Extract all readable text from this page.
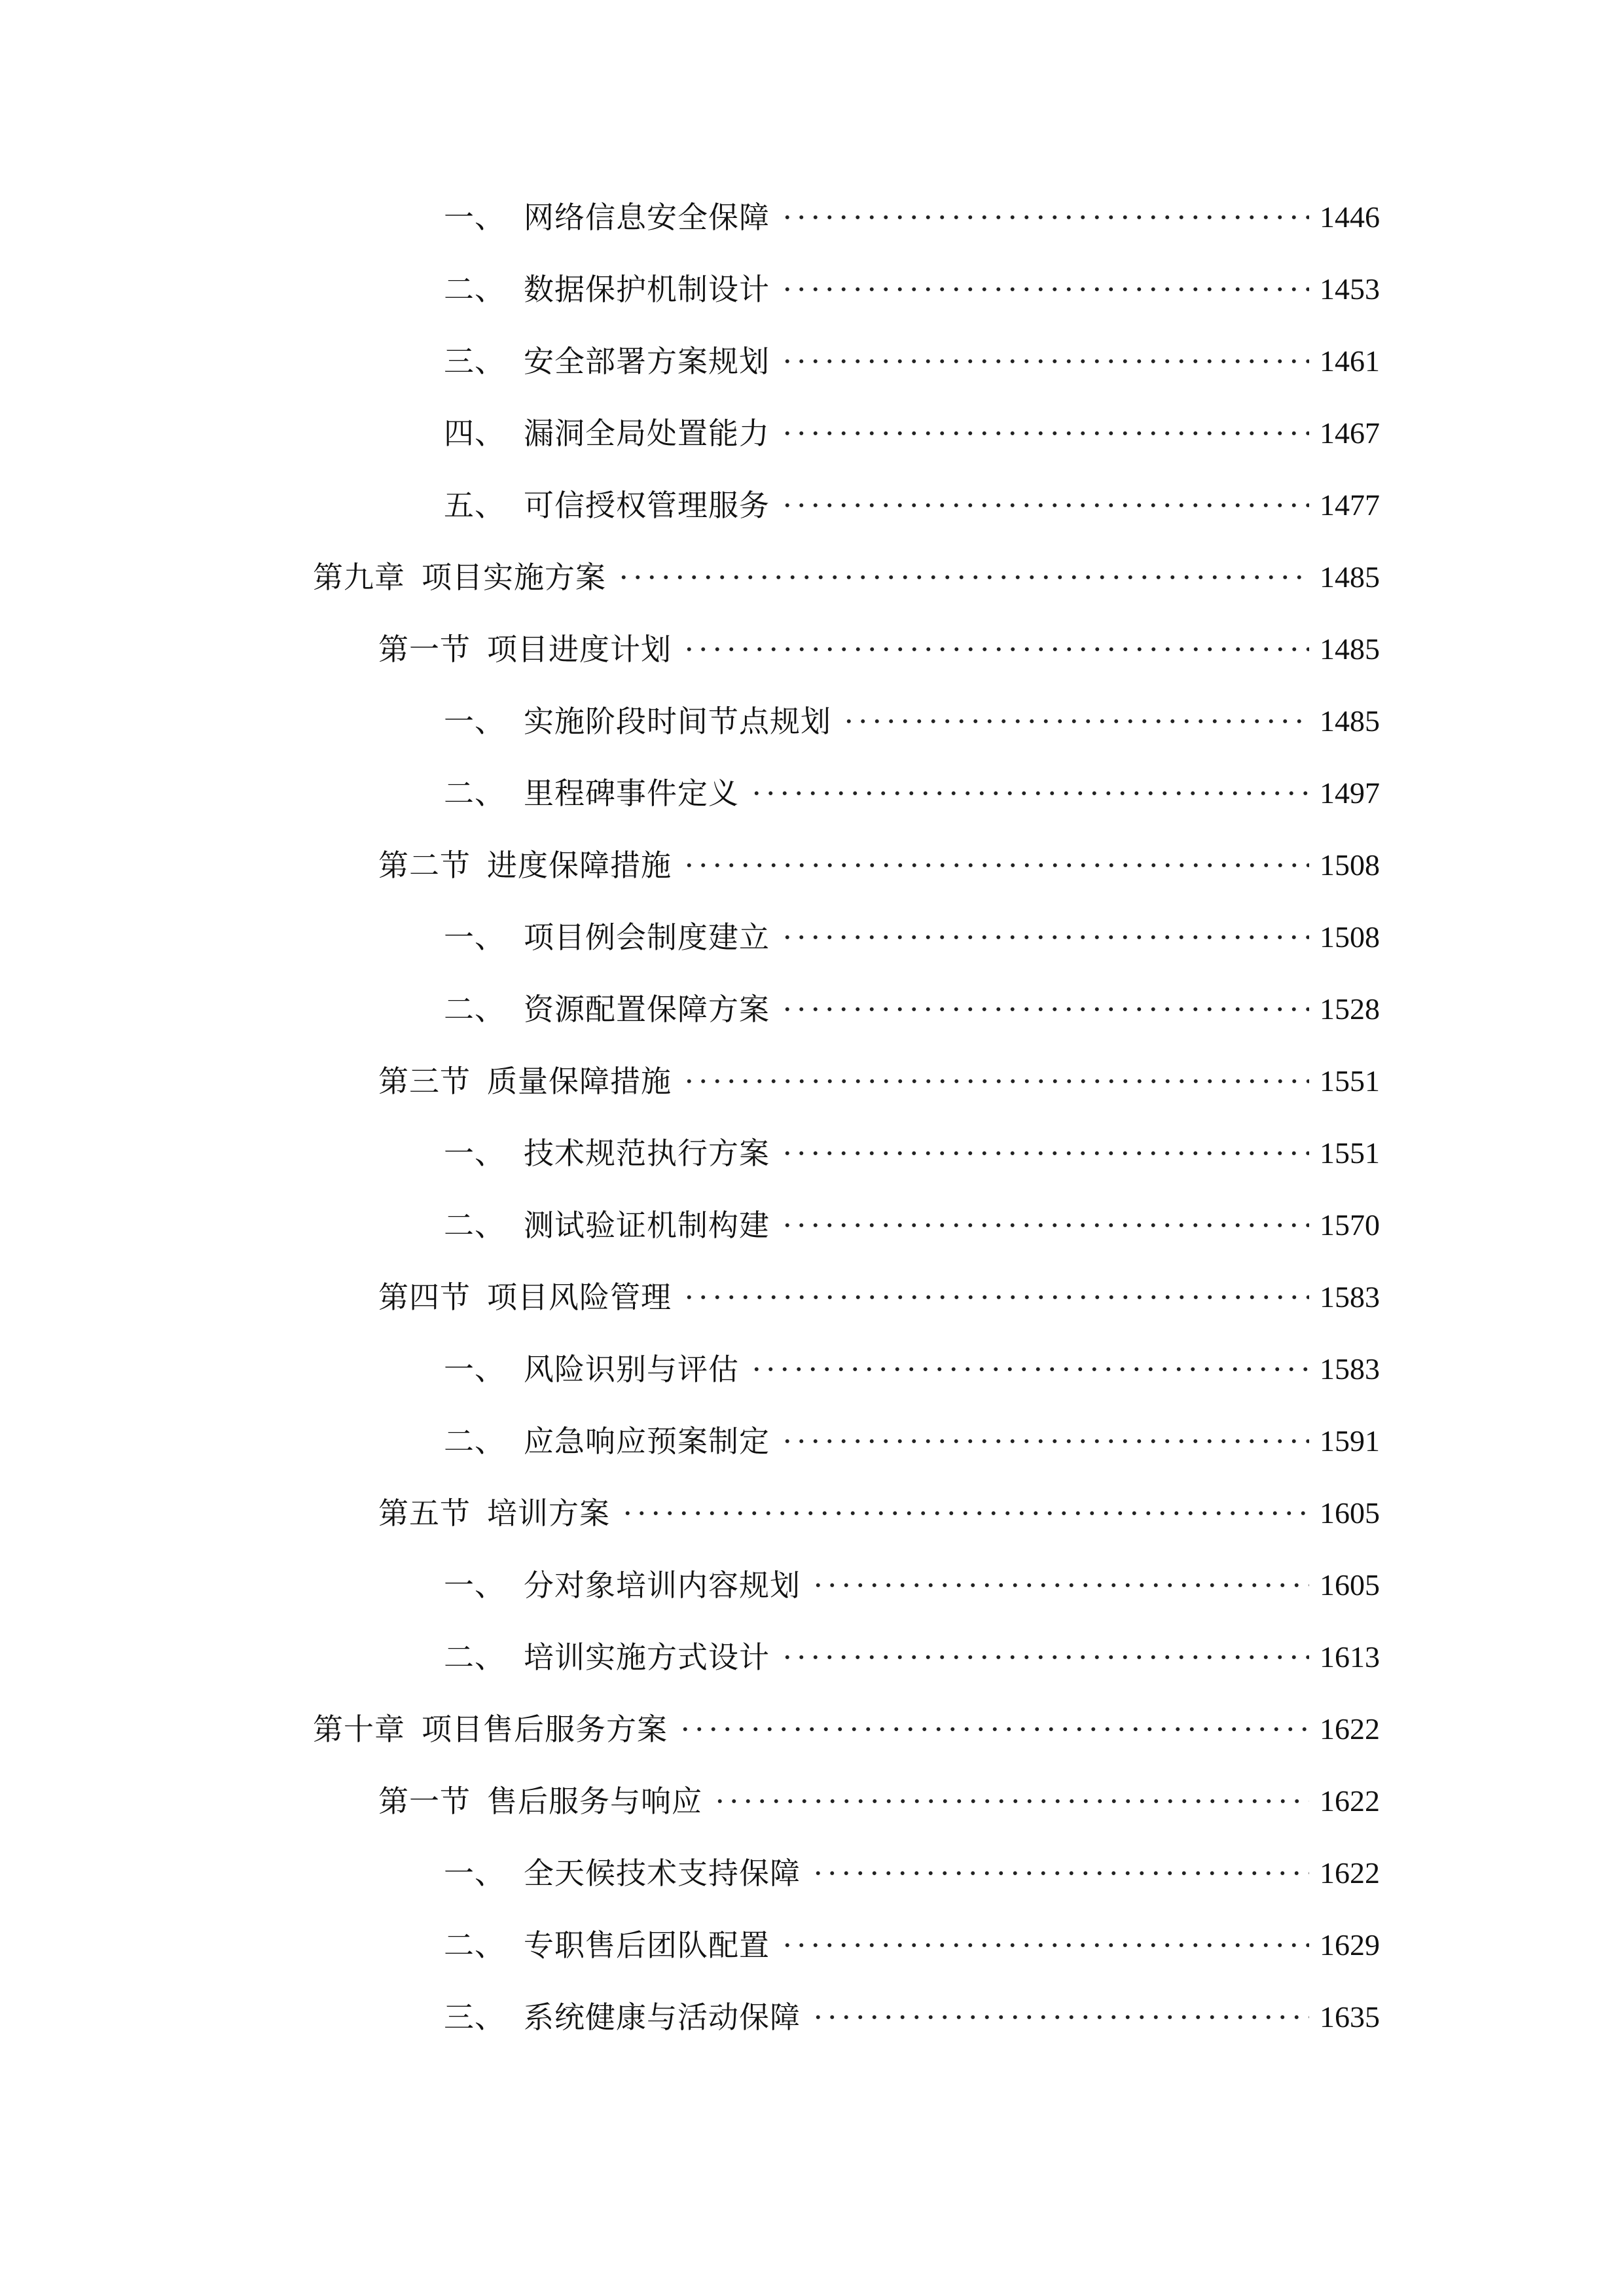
一、 网络信息安全保障	1446
二、 数据保护机制设计	1453
三、 安全部署方案规划	1461
四、 漏洞全局处置能力	1467
五、 可信授权管理服务	1477
第九章 项目实施方案	1485
第一节 项目进度计划	1485
一、 实施阶段时间节点规划	1485
二、 里程碑事件定义	1497
第二节 进度保障措施	1508
一、 项目例会制度建立	1508
二、 资源配置保障方案	1528
第三节 质量保障措施	1551
一、 技术规范执行方案	1551
二、 测试验证机制构建	1570
第四节 项目风险管理	1583
一、 风险识别与评估	1583
二、 应急响应预案制定	1591
第五节 培训方案	1605
一、 分对象培训内容规划	1605
二、 培训实施方式设计	1613
第十章 项目售后服务方案	1622
第一节 售后服务与响应	1622
一、 全天候技术支持保障	1622
二、 专职售后团队配置	1629
三、 系统健康与活动保障	1635
